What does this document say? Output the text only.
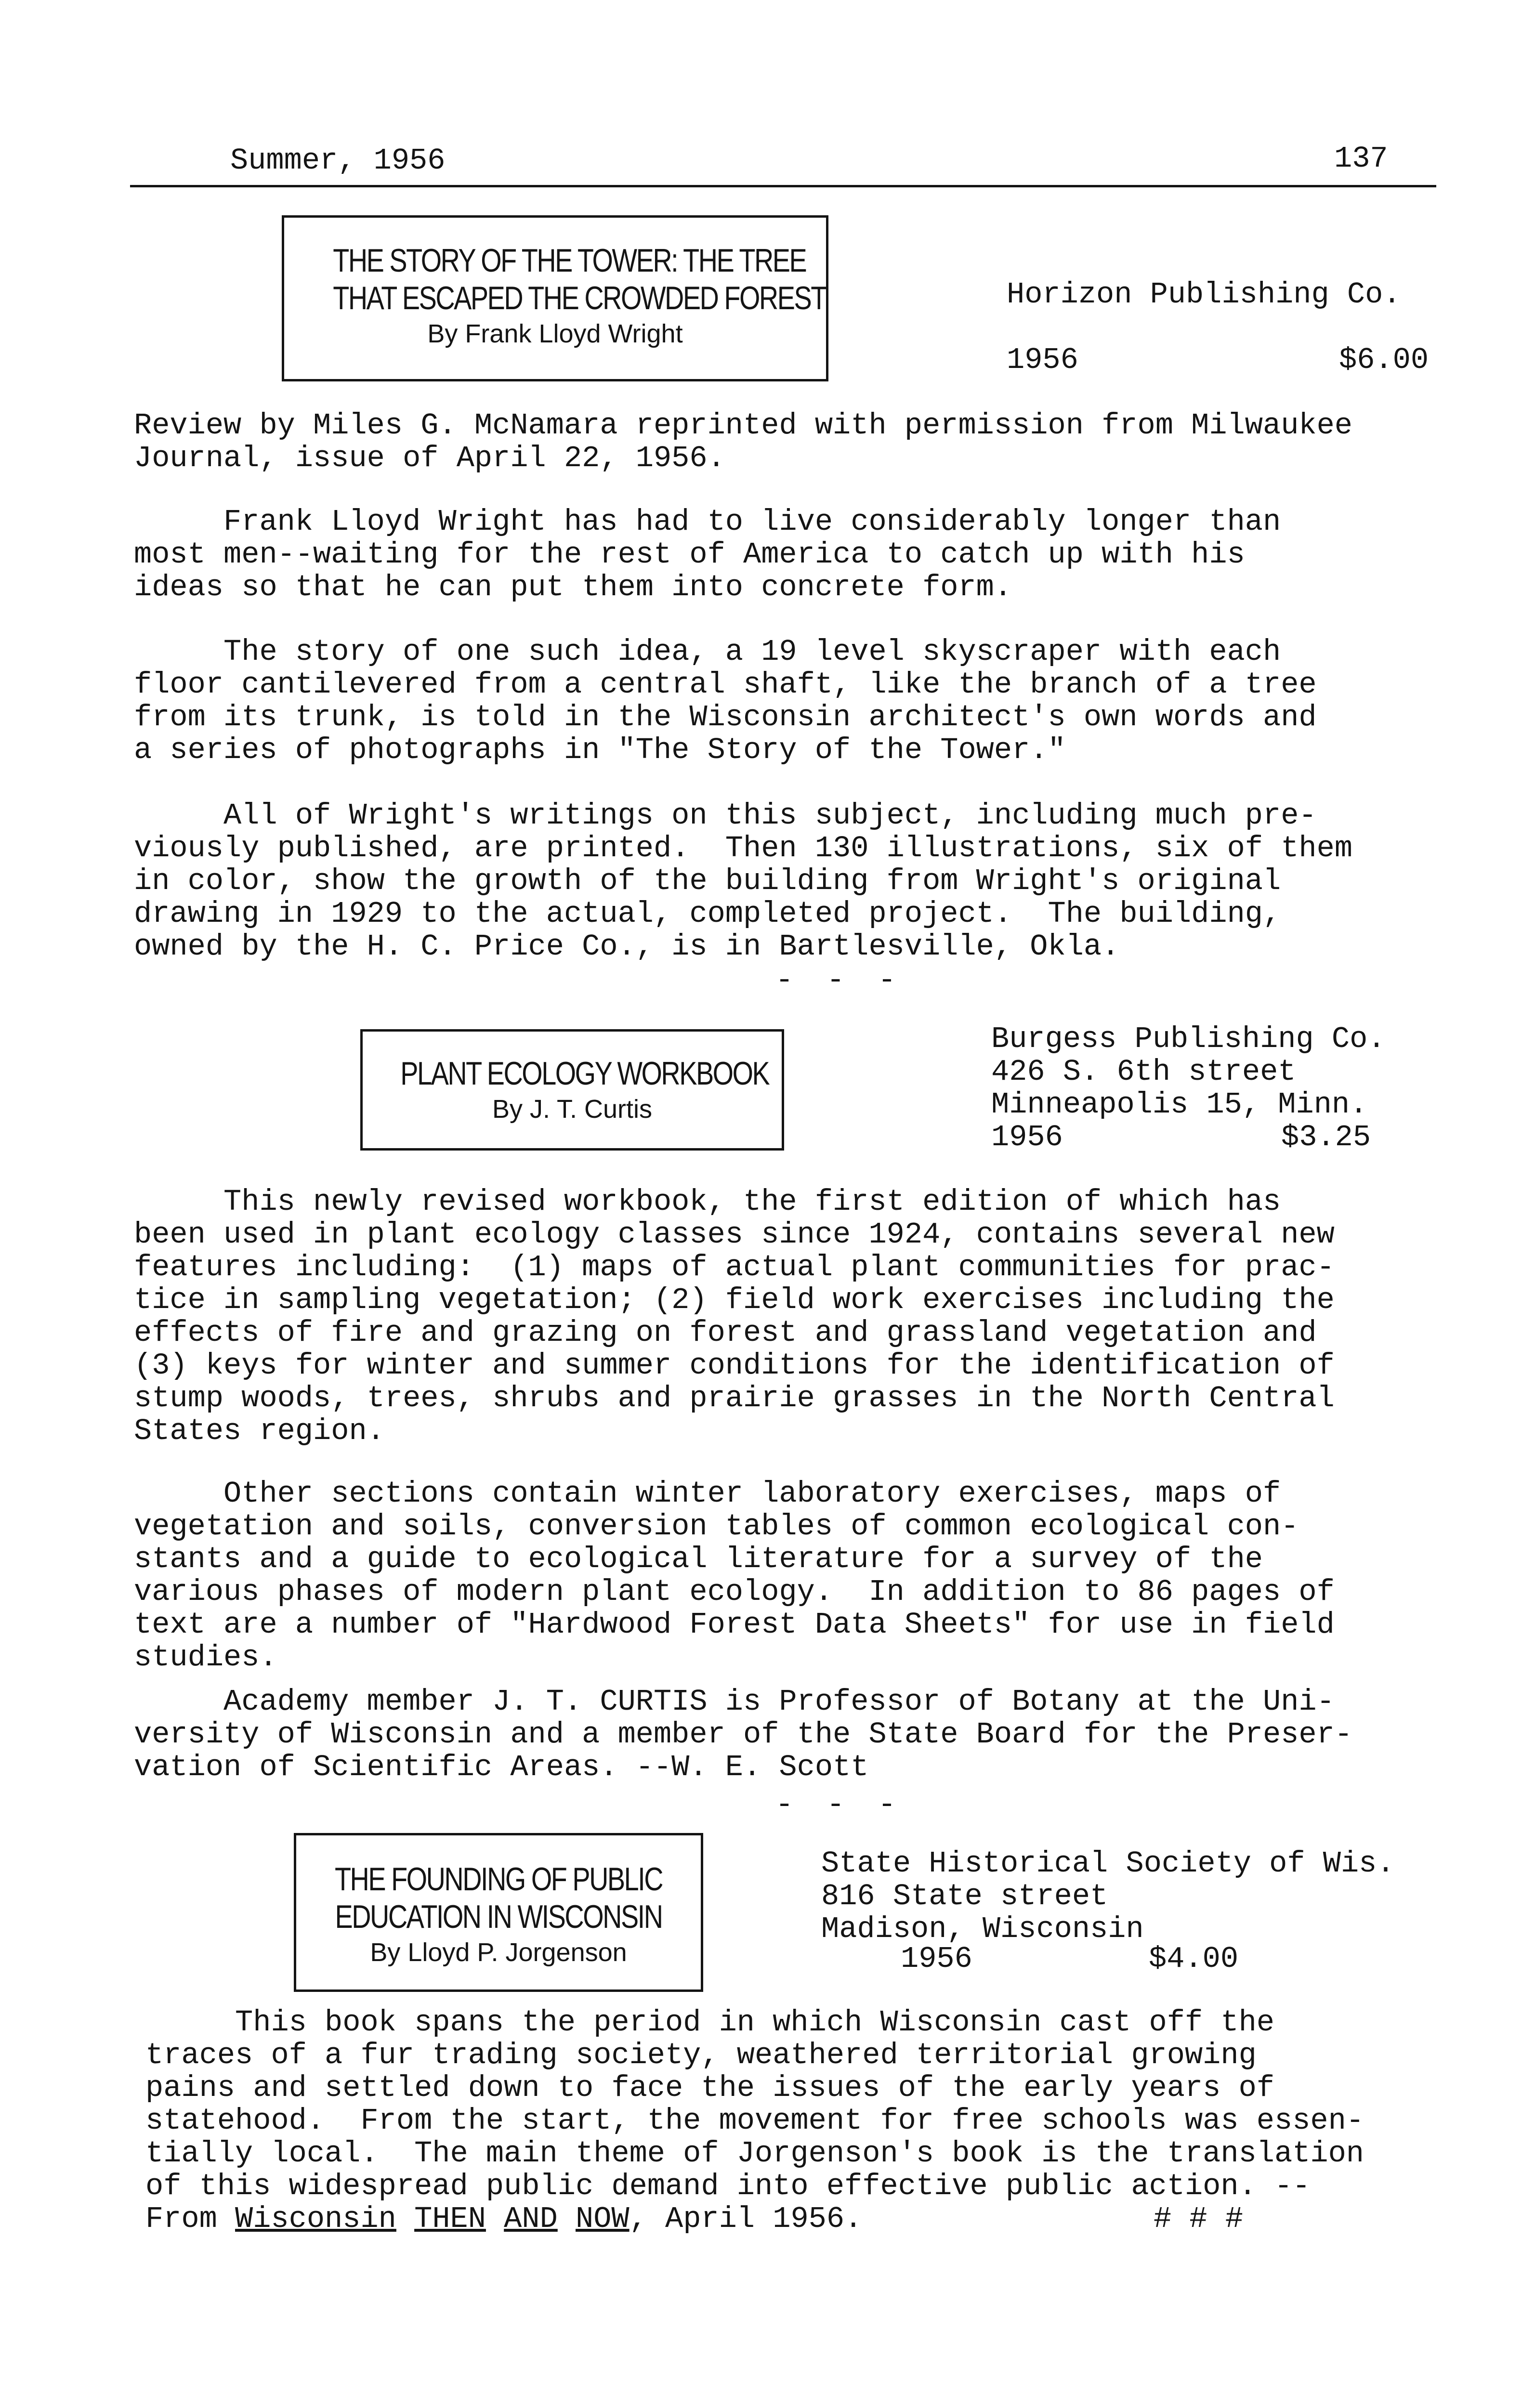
Summer, 1956	137
THE STORY OF THE TOWER: THE TREE
THAT ESCAPED THE CROWDED FOREST
By Frank Lloyd Wright
Horizon Publishing Co.
1956	$6.00
Review by Miles G. McNamara reprinted with permission from Milwaukee
Journal, issue of April 22, 1956.
Frank Lloyd Wright has had to live considerably longer than
most men--waiting for the rest of America to catch up with his
ideas so that he can put them into concrete form.
The story of one such idea, a 19 level skyscraper with each
floor cantilevered from a central shaft, like the branch of a tree
from its trunk, is told in the Wisconsin architect's own words and
a series of photographs in "The Story of the Tower."
All of Wright's writings on this subject, including much pre-
viously published, are printed.  Then 130 illustrations, six of them
in color, show the growth of the building from Wright's original
drawing in 1929 to the actual, completed project.  The building,
owned by the H. C. Price Co., is in Bartlesville, Okla.
- - -
PLANT ECOLOGY WORKBOOK
By J. T. Curtis
Burgess Publishing Co.
426 S. 6th street
Minneapolis 15, Minn.
1956	$3.25
This newly revised workbook, the first edition of which has
been used in plant ecology classes since 1924, contains several new
features including:  (1) maps of actual plant communities for prac-
tice in sampling vegetation; (2) field work exercises including the
effects of fire and grazing on forest and grassland vegetation and
(3) keys for winter and summer conditions for the identification of
stump woods, trees, shrubs and prairie grasses in the North Central
States region.
Other sections contain winter laboratory exercises, maps of
vegetation and soils, conversion tables of common ecological con-
stants and a guide to ecological literature for a survey of the
various phases of modern plant ecology.  In addition to 86 pages of
text are a number of "Hardwood Forest Data Sheets" for use in field
studies.
Academy member J. T. CURTIS is Professor of Botany at the Uni-
versity of Wisconsin and a member of the State Board for the Preser-
vation of Scientific Areas. --W. E. Scott
- - -
THE FOUNDING OF PUBLIC
EDUCATION IN WISCONSIN
By Lloyd P. Jorgenson
State Historical Society of Wis.
816 State street
Madison, Wisconsin
1956	$4.00
This book spans the period in which Wisconsin cast off the
traces of a fur trading society, weathered territorial growing
pains and settled down to face the issues of the early years of
statehood.  From the start, the movement for free schools was essen-
tially local.  The main theme of Jorgenson's book is the translation
of this widespread public demand into effective public action. --
From Wisconsin THEN AND NOW, April 1956.	# # #
